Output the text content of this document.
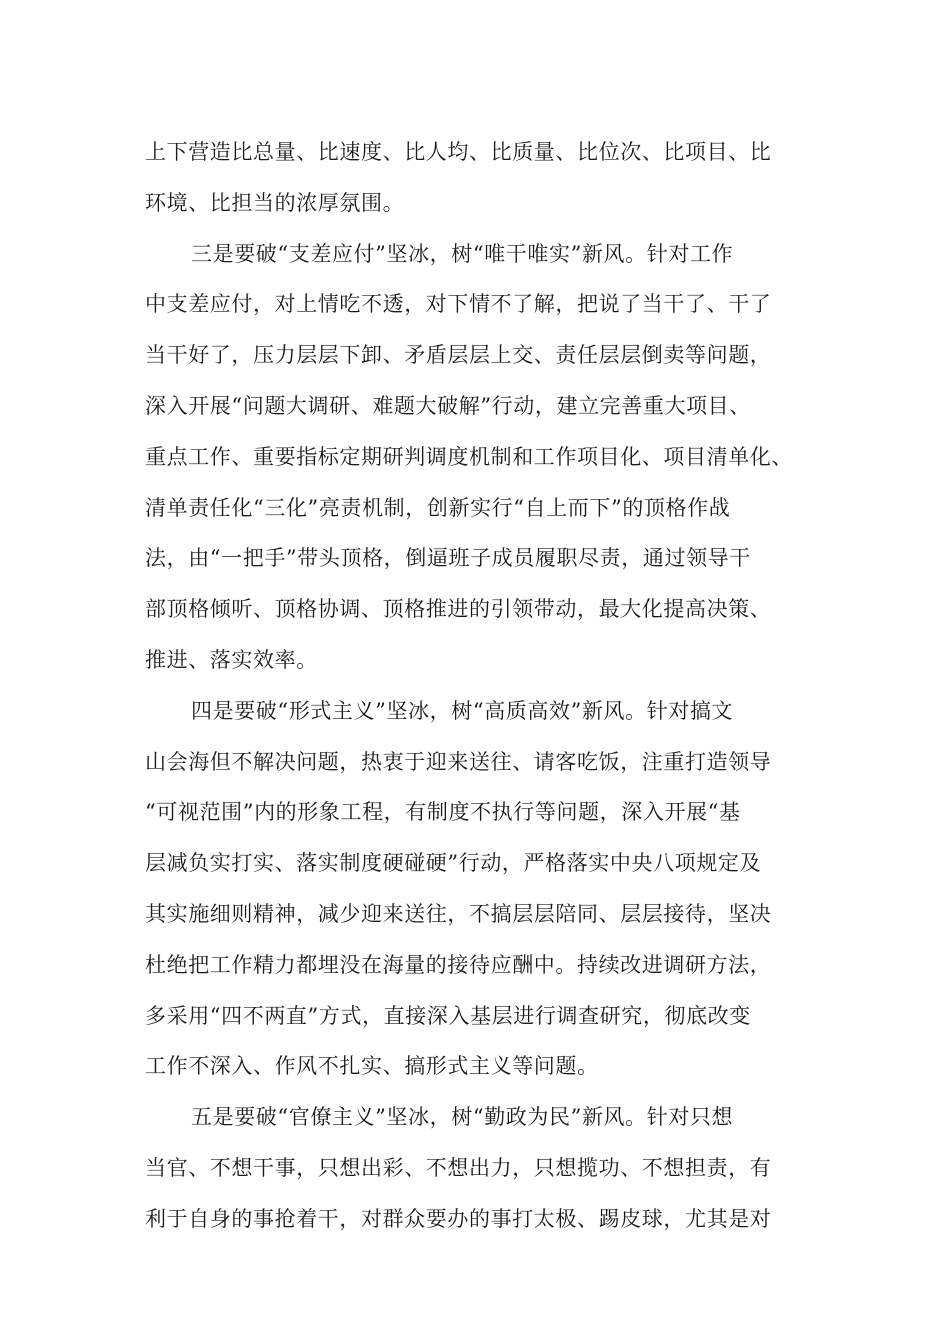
上下营造比总量、比速度、比人均、比质量、比位次、比项目、比
环境、比担当的浓厚氛围。
三是要破“支差应付”坚冰，树“唯干唯实”新风。针对工作
中支差应付，对上情吃不透，对下情不了解，把说了当干了、干了
当干好了，压力层层下卸、矛盾层层上交、责任层层倒卖等问题，
深入开展“问题大调研、难题大破解”行动，建立完善重大项目、
重点工作、重要指标定期研判调度机制和工作项目化、项目清单化、
清单责任化“三化”亮责机制，创新实行“自上而下”的顶格作战
法，由“一把手”带头顶格，倒逼班子成员履职尽责，通过领导干
部顶格倾听、顶格协调、顶格推进的引领带动，最大化提高决策、
推进、落实效率。
四是要破“形式主义”坚冰，树“高质高效”新风。针对搞文
山会海但不解决问题，热衷于迎来送往、请客吃饭，注重打造领导
“可视范围”内的形象工程，有制度不执行等问题，深入开展“基
层减负实打实、落实制度硬碰硬”行动，严格落实中央八项规定及
其实施细则精神，减少迎来送往，不搞层层陪同、层层接待，坚决
杜绝把工作精力都埋没在海量的接待应酬中。持续改进调研方法，
多采用“四不两直”方式，直接深入基层进行调查研究，彻底改变
工作不深入、作风不扎实、搞形式主义等问题。
五是要破“官僚主义”坚冰，树“勤政为民”新风。针对只想
当官、不想干事，只想出彩、不想出力，只想揽功、不想担责，有
利于自身的事抢着干，对群众要办的事打太极、踢皮球，尤其是对
